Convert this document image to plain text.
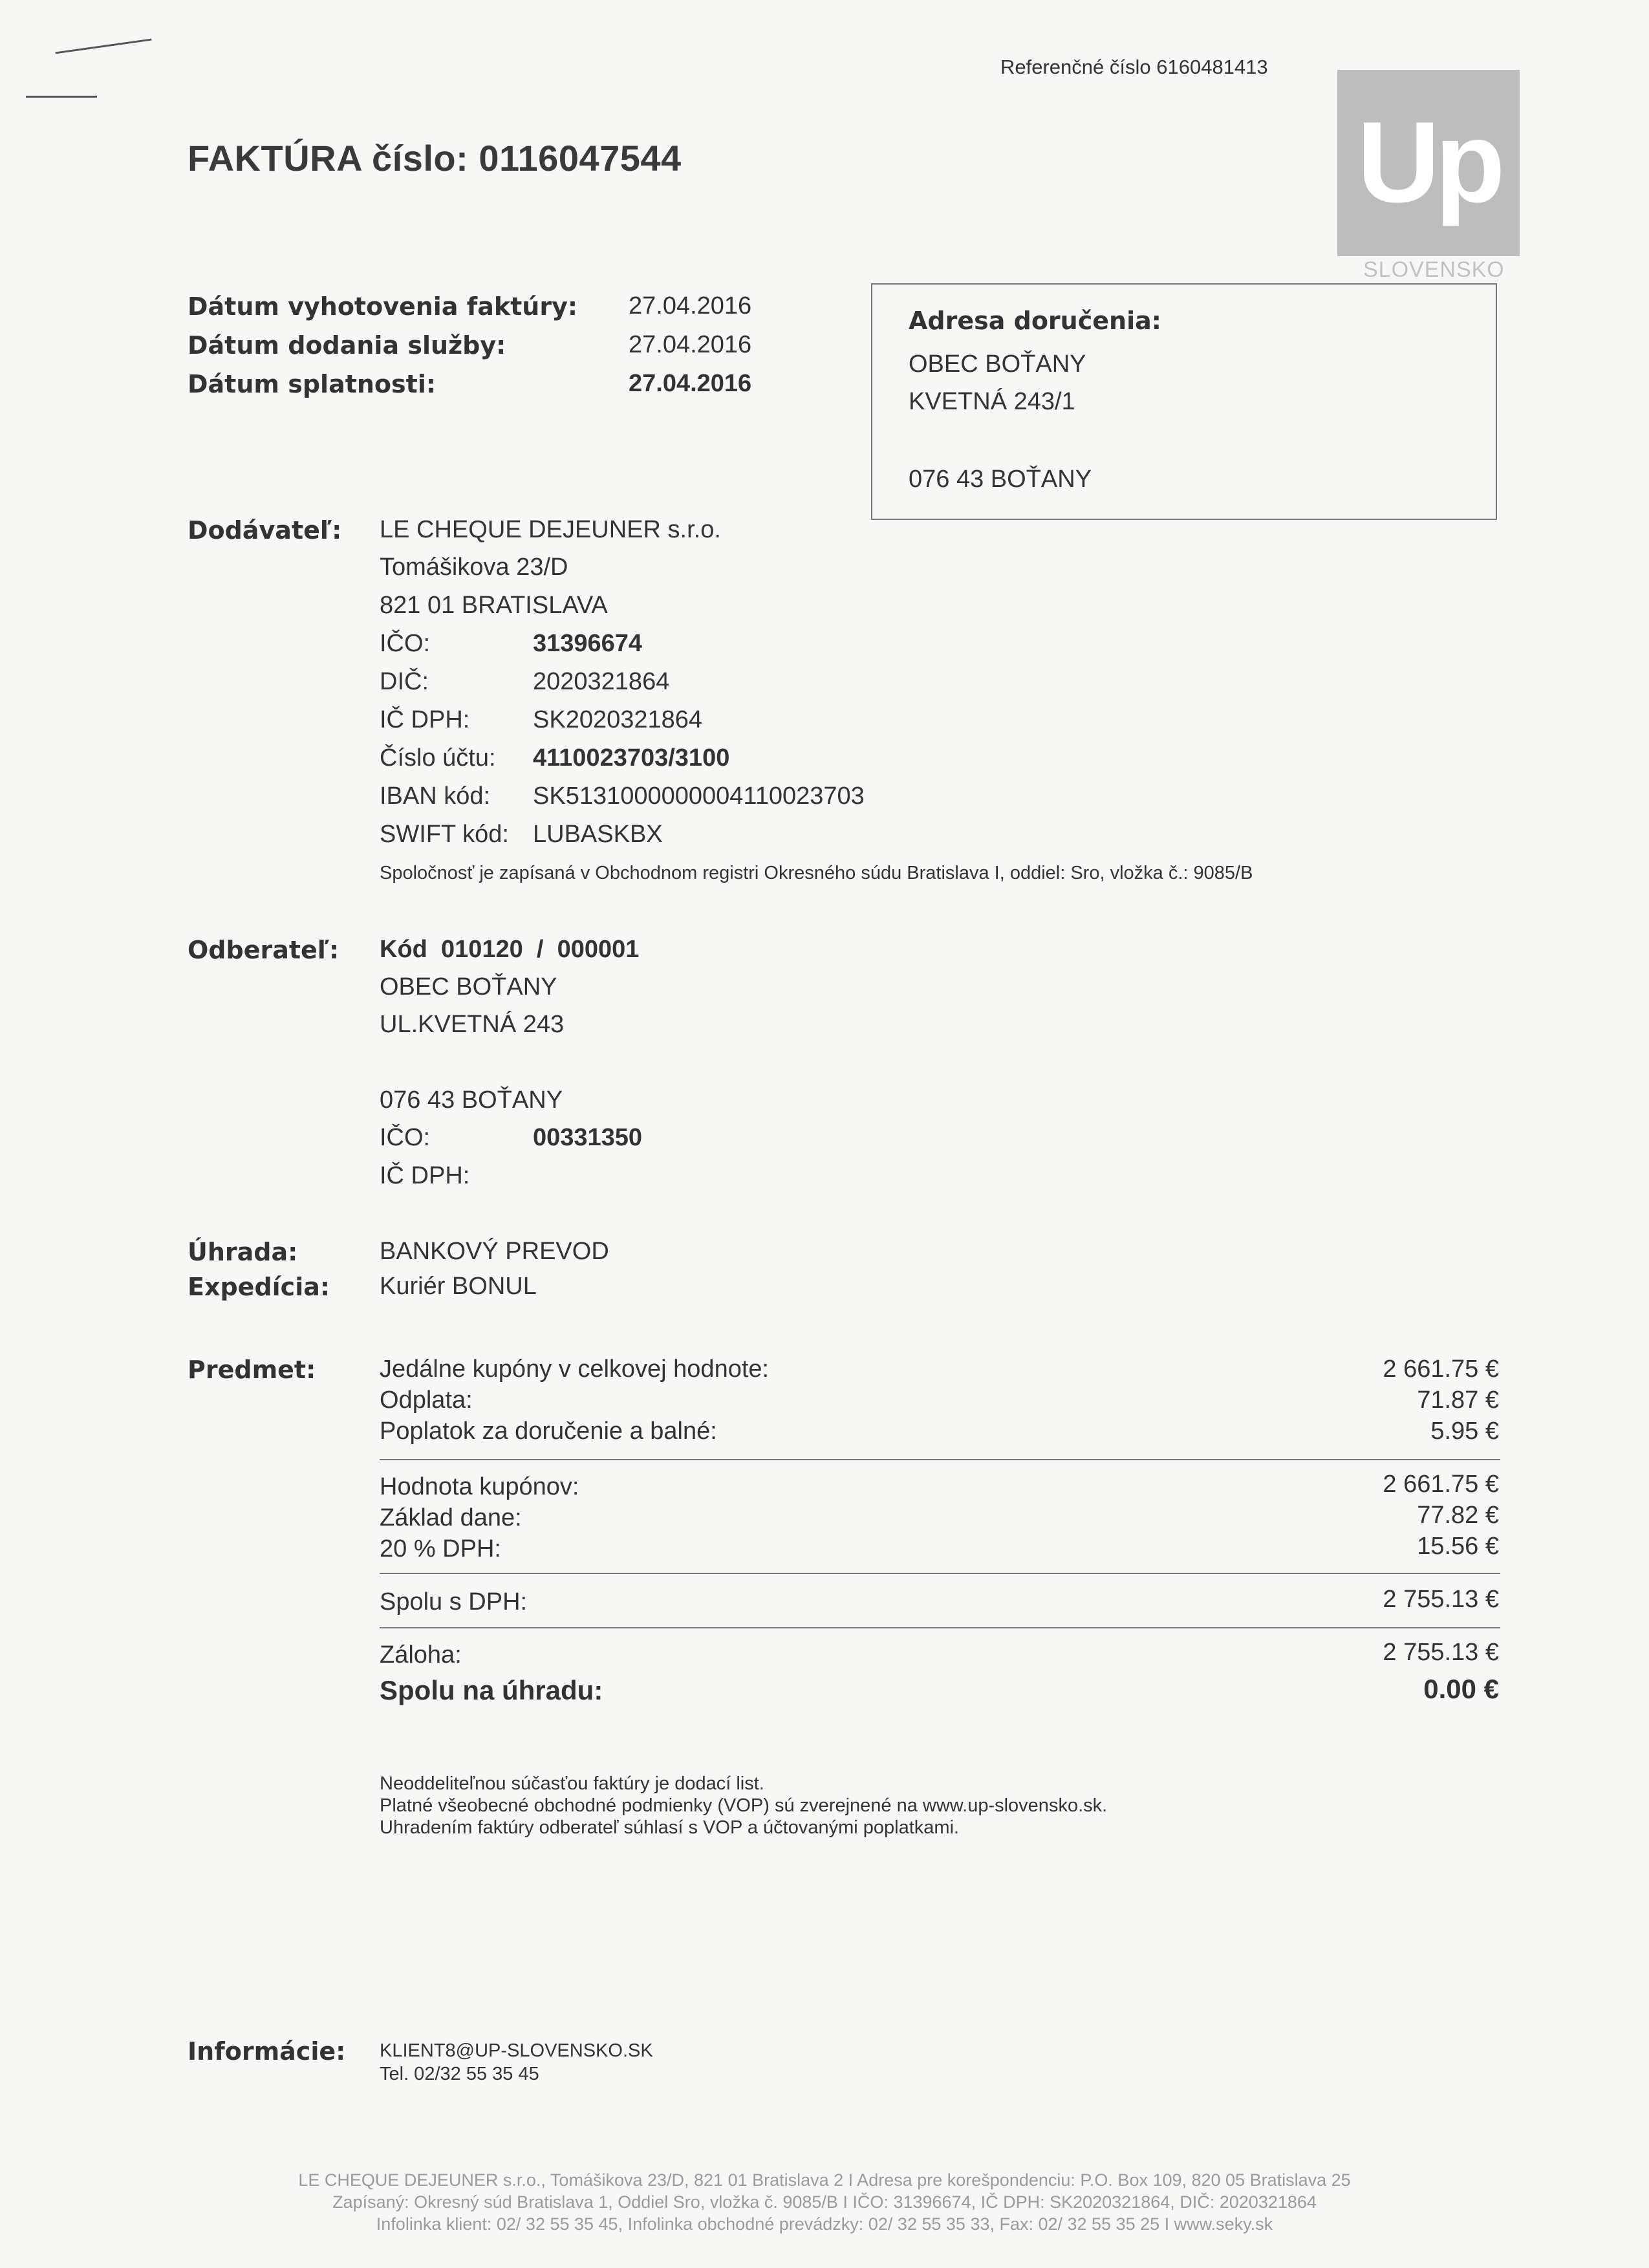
Referenčné číslo 6160481413
FAKTÚRA číslo: 0116047544	Up
SLOVENSKO
Dátum vyhotovenia faktúry: 27.04.2016
Dátum dodania služby:	27.04.2016
Dátum splatnosti:	27.04.2016
Adresa doručenia:
OBEC BOŤANY
KVETNÁ 243/1
076 43 BOŤANY
Dodávateľ: LE CHEQUE DEJEUNER s.r.o.
Tomášikova 23/D
821 01 BRATISLAVA
IČO:	31396674
DIČ:	2020321864
IČ DPH:	SK2020321864
Číslo účtu: 4110023703/3100
IBAN kód: SK5131000000004110023703
SWIFT kód: LUBASKBX
Spoločnosť je zapísaná v Obchodnom registri Okresného súdu Bratislava I, oddiel: Sro, vložka č.: 9085/B
Odberateľ: Kód  010120  /  000001
OBEC BOŤANY
UL.KVETNÁ 243
076 43 BOŤANY
IČO:	00331350
IČ DPH:
Úhrada:	BANKOVÝ PREVOD
Expedícia: Kuriér BONUL
Predmet:	Jedálne kupóny v celkovej hodnote:	2 661.75 €
Odplata:	71.87 €
Poplatok za doručenie a balné:	5.95 €
Hodnota kupónov:	2 661.75 €
Základ dane:	77.82 €
20 % DPH:	15.56 €
Spolu s DPH:	2 755.13 €
Záloha:	2 755.13 €
Spolu na úhradu:	0.00 €
Neoddeliteľnou súčasťou faktúry je dodací list.
Platné všeobecné obchodné podmienky (VOP) sú zverejnené na www.up-slovensko.sk.
Uhradením faktúry odberateľ súhlasí s VOP a účtovanými poplatkami.
Informácie: KLIENT8@UP-SLOVENSKO.SK
Tel. 02/32 55 35 45
LE CHEQUE DEJEUNER s.r.o., Tomášikova 23/D, 821 01 Bratislava 2 I Adresa pre korešpondenciu: P.O. Box 109, 820 05 Bratislava 25
Zapísaný: Okresný súd Bratislava 1, Oddiel Sro, vložka č. 9085/B I IČO: 31396674, IČ DPH: SK2020321864, DIČ: 2020321864
Infolinka klient: 02/ 32 55 35 45, Infolinka obchodné prevádzky: 02/ 32 55 35 33, Fax: 02/ 32 55 35 25 I www.seky.sk
